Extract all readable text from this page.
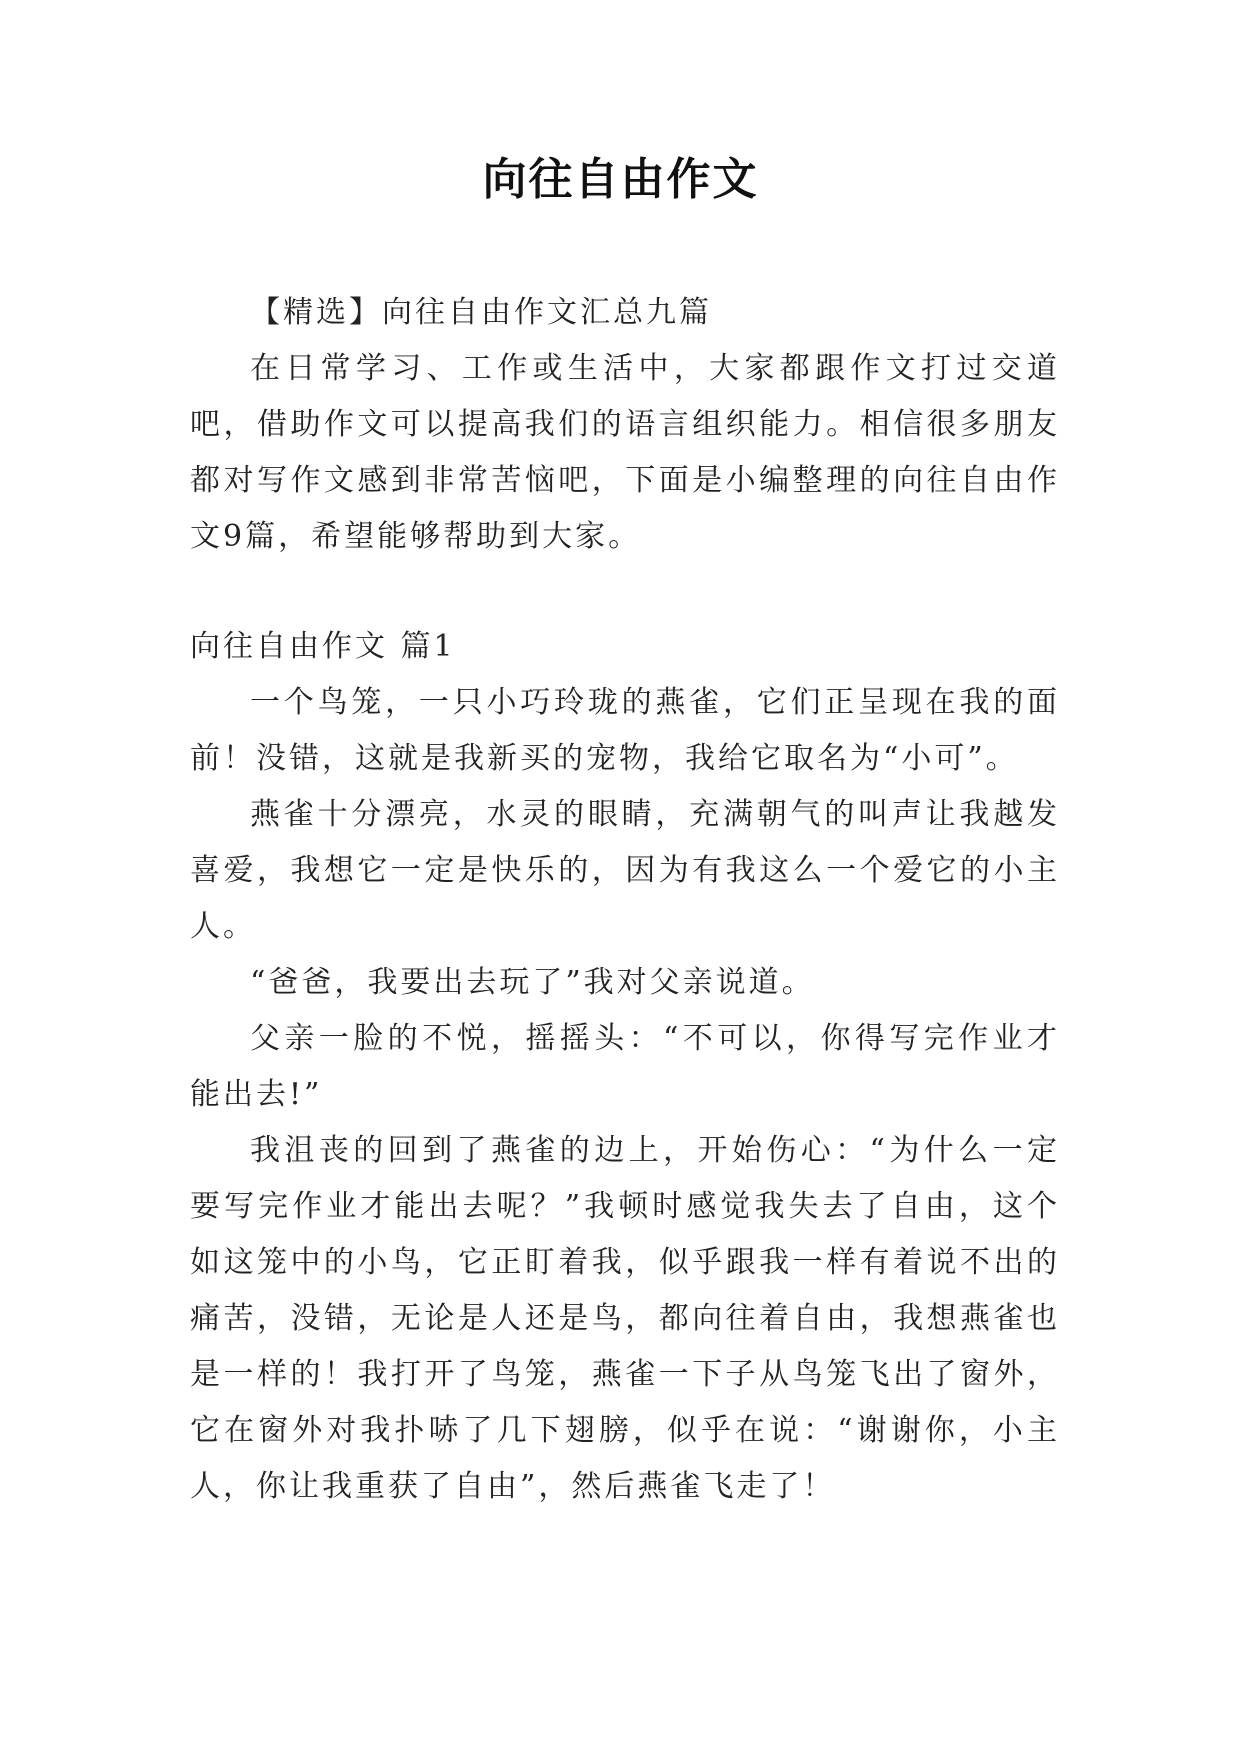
向往自由作文

【精选】向往自由作文汇总九篇

在日常学习、工作或生活中，大家都跟作文打过交道吧，借助作文可以提高我们的语言组织能力。相信很多朋友都对写作文感到非常苦恼吧，下面是小编整理的向往自由作文9篇，希望能够帮助到大家。

向往自由作文 篇1

一个鸟笼，一只小巧玲珑的燕雀，它们正呈现在我的面前！没错，这就是我新买的宠物，我给它取名为“小可”。

燕雀十分漂亮，水灵的眼睛，充满朝气的叫声让我越发喜爱，我想它一定是快乐的，因为有我这么一个爱它的小主人。

“爸爸，我要出去玩了”我对父亲说道。

父亲一脸的不悦，摇摇头：“不可以，你得写完作业才能出去!”

我沮丧的回到了燕雀的边上，开始伤心：“为什么一定要写完作业才能出去呢？”我顿时感觉我失去了自由，这个如这笼中的小鸟，它正盯着我，似乎跟我一样有着说不出的痛苦，没错，无论是人还是鸟，都向往着自由，我想燕雀也是一样的！我打开了鸟笼，燕雀一下子从鸟笼飞出了窗外，它在窗外对我扑哧了几下翅膀，似乎在说：“谢谢你，小主人，你让我重获了自由”，然后燕雀飞走了！
